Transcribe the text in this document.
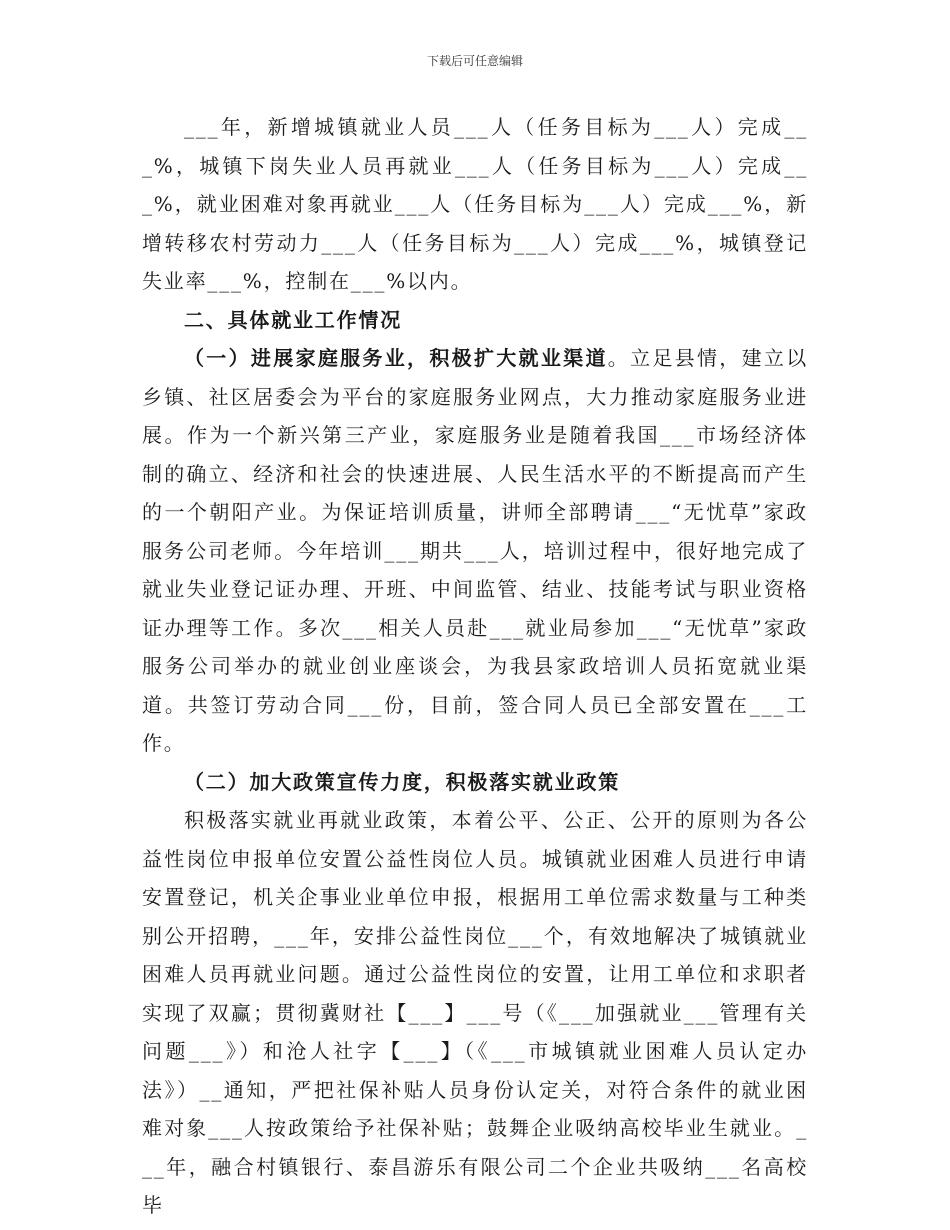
下载后可任意编辑

___年，新增城镇就业人员___人（任务目标为___人）完成___%，城镇下岗失业人员再就业___人（任务目标为___人）完成___%，就业困难对象再就业___人（任务目标为___人）完成___%，新增转移农村劳动力___人（任务目标为___人）完成___%，城镇登记失业率___%，控制在___%以内。

二、具体就业工作情况

（一）进展家庭服务业，积极扩大就业渠道。立足县情，建立以乡镇、社区居委会为平台的家庭服务业网点，大力推动家庭服务业进展。作为一个新兴第三产业，家庭服务业是随着我国___市场经济体制的确立、经济和社会的快速进展、人民生活水平的不断提高而产生的一个朝阳产业。为保证培训质量，讲师全部聘请___“无忧草”家政服务公司老师。今年培训___期共___人，培训过程中，很好地完成了就业失业登记证办理、开班、中间监管、结业、技能考试与职业资格证办理等工作。多次___相关人员赴___就业局参加___“无忧草”家政服务公司举办的就业创业座谈会，为我县家政培训人员拓宽就业渠道。共签订劳动合同___份，目前，签合同人员已全部安置在___工作。

（二）加大政策宣传力度，积极落实就业政策

积极落实就业再就业政策，本着公平、公正、公开的原则为各公益性岗位申报单位安置公益性岗位人员。城镇就业困难人员进行申请安置登记，机关企事业业单位申报，根据用工单位需求数量与工种类别公开招聘，___年，安排公益性岗位___个，有效地解决了城镇就业困难人员再就业问题。通过公益性岗位的安置，让用工单位和求职者实现了双赢；贯彻冀财社【___】___号（《___加强就业___管理有关问题___》）和沧人社字【___】（《___市城镇就业困难人员认定办法》）__通知，严把社保补贴人员身份认定关，对符合条件的就业困难对象___人按政策给予社保补贴；鼓舞企业吸纳高校毕业生就业。___年，融合村镇银行、泰昌游乐有限公司二个企业共吸纳___名高校毕
